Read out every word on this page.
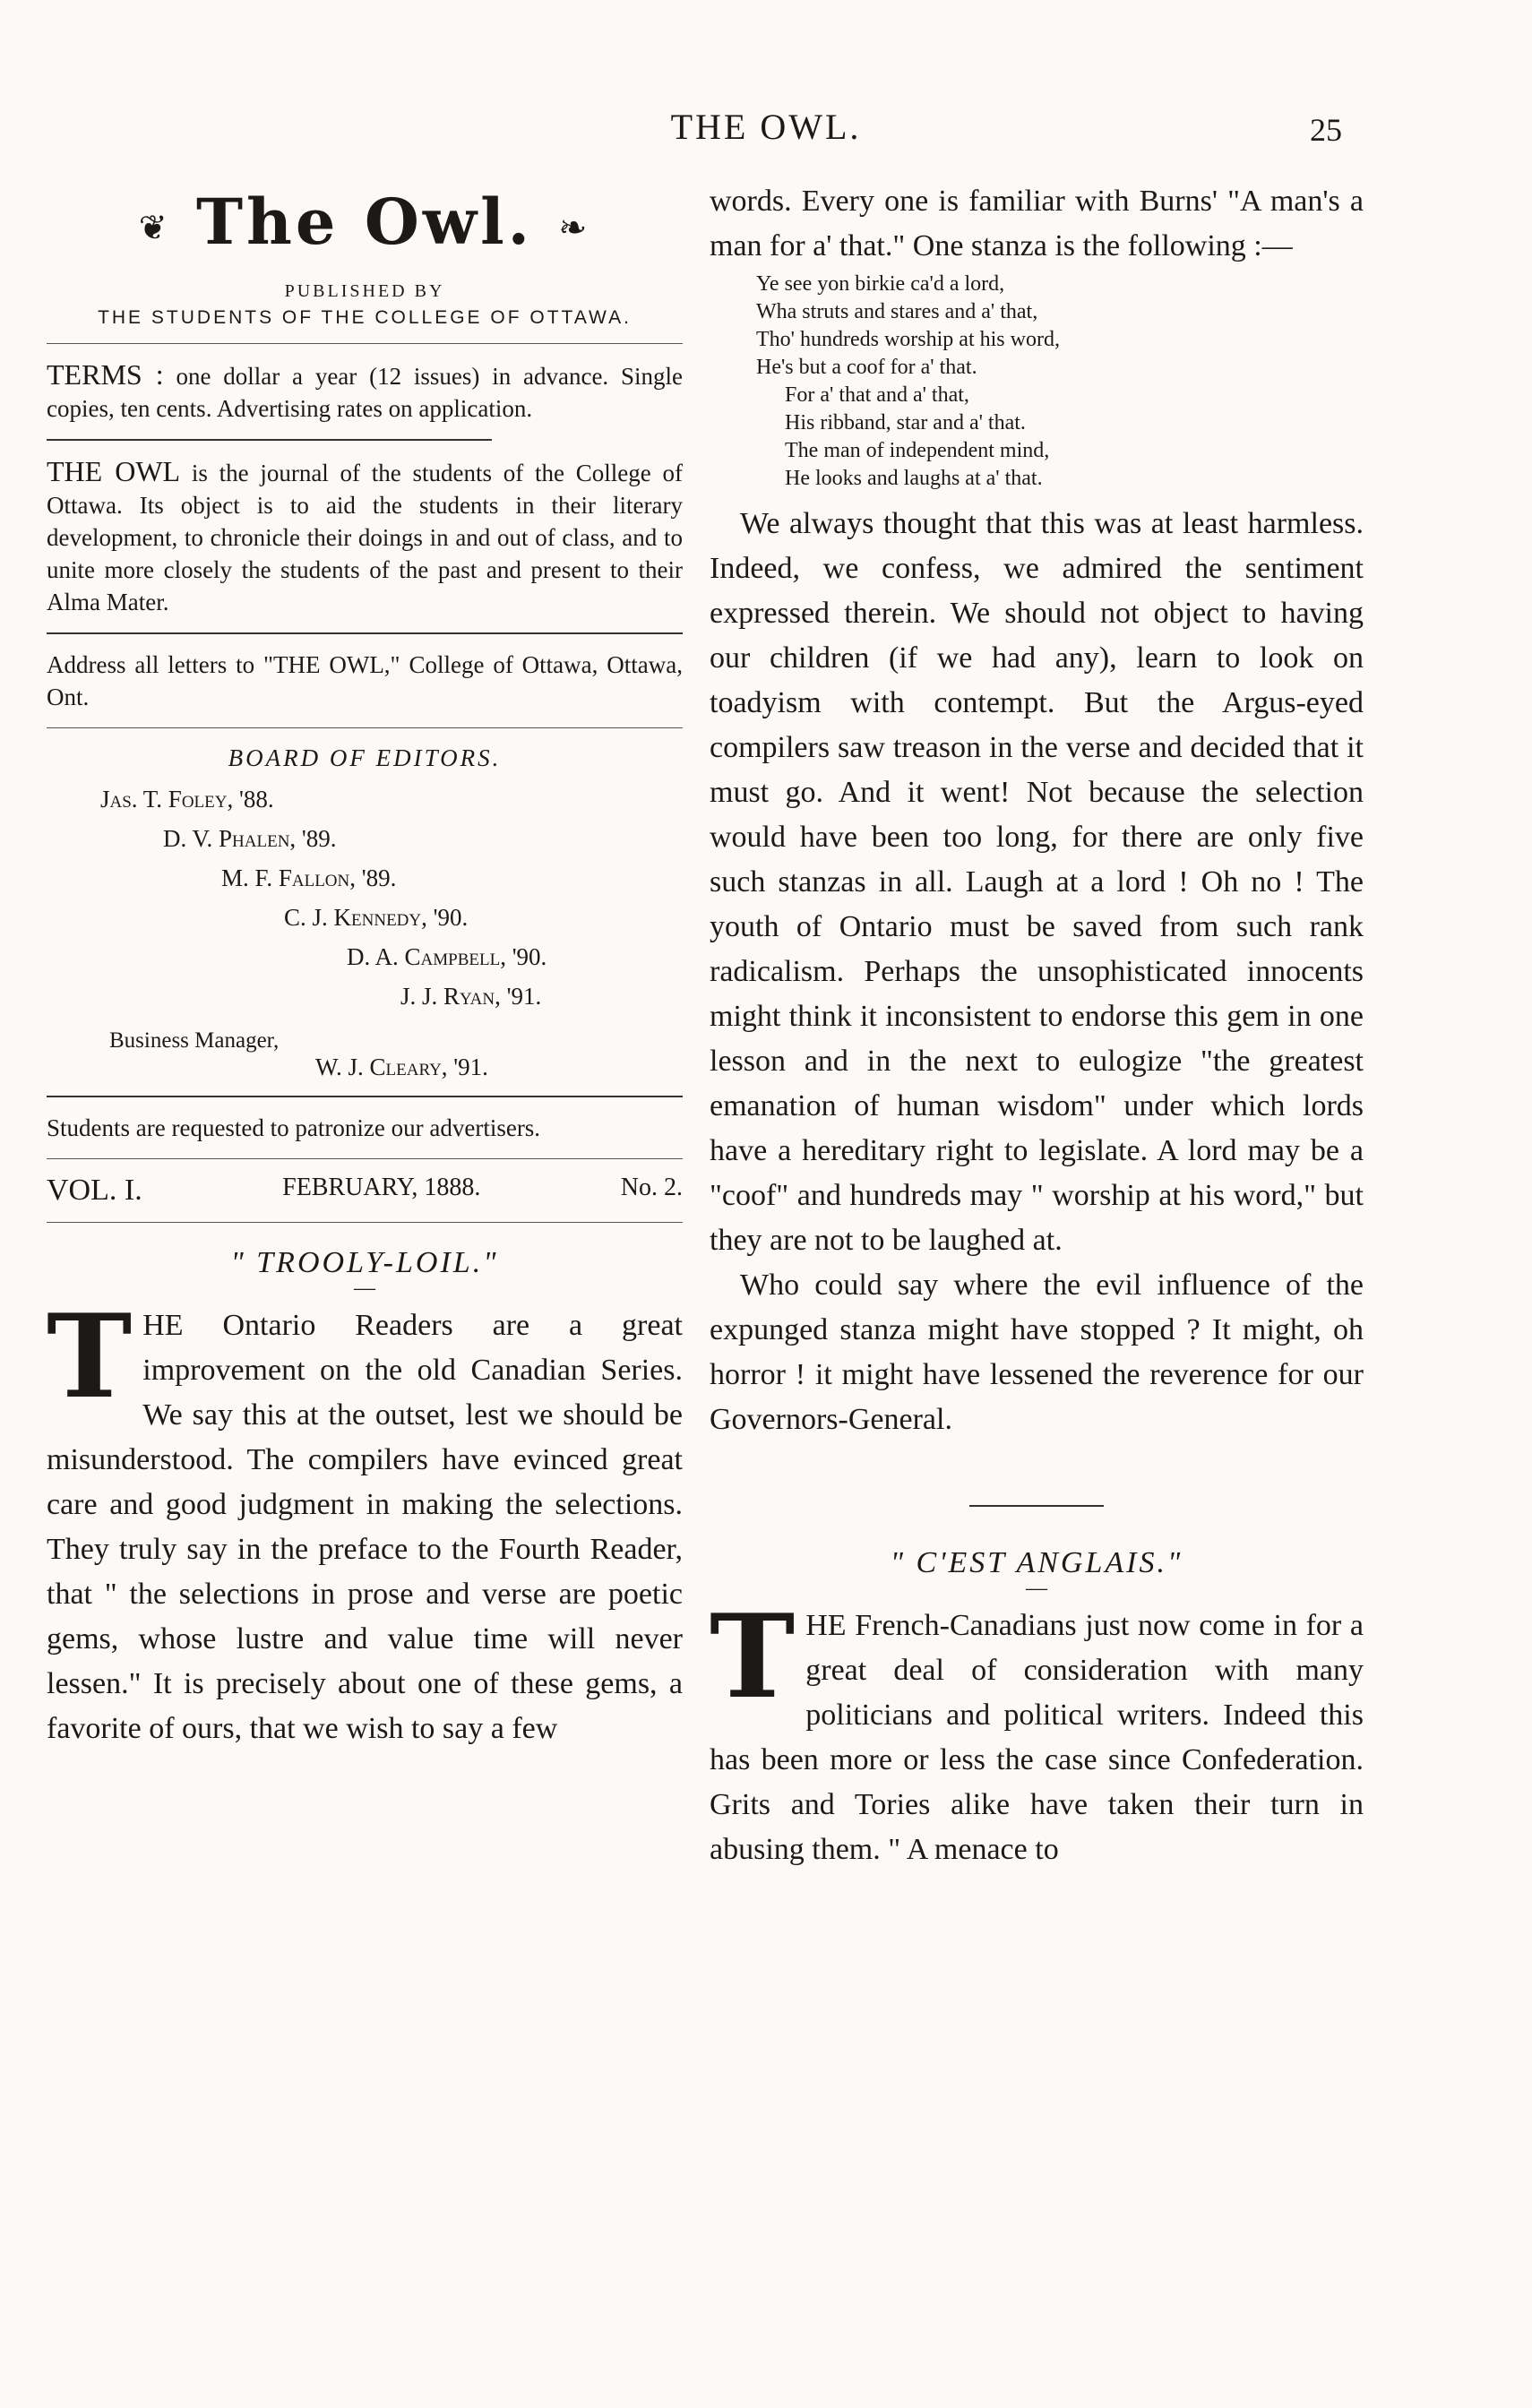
THE OWL.	25
❦ The Owl. ❧
PUBLISHED BY
THE STUDENTS OF THE COLLEGE OF OTTAWA.

TERMS : one dollar a year (12 issues) in advance. Single copies, ten cents. Advertising rates on application.

THE OWL is the journal of the students of the College of Ottawa. Its object is to aid the students in their literary development, to chronicle their doings in and out of class, and to unite more closely the students of the past and present to their Alma Mater.

Address all letters to "THE OWL," College of Ottawa, Ottawa, Ont.

BOARD OF EDITORS.
Jas. T. Foley, '88.
D. V. Phalen, '89.
M. F. Fallon, '89.
C. J. Kennedy, '90.
D. A. Campbell, '90.
J. J. Ryan, '91.
Business Manager,
W. J. Cleary, '91.

Students are requested to patronize our advertisers.

VOL. I.	FEBRUARY, 1888.	No. 2.
" TROOLY-LOIL."
—

THE Ontario Readers are a great improvement on the old Canadian Series. We say this at the outset, lest we should be misunderstood. The compilers have evinced great care and good judgment in making the selections. They truly say in the preface to the Fourth Reader, that " the selections in prose and verse are poetic gems, whose lustre and value time will never lessen." It is precisely about one of these gems, a favorite of ours, that we wish to say a few

words. Every one is familiar with Burns' "A man's a man for a' that." One stanza is the following :—

Ye see yon birkie ca'd a lord,
Wha struts and stares and a' that,
Tho' hundreds worship at his word,
He's but a coof for a' that.
For a' that and a' that,
His ribband, star and a' that.
The man of independent mind,
He looks and laughs at a' that.

We always thought that this was at least harmless. Indeed, we confess, we admired the sentiment expressed therein. We should not object to having our children (if we had any), learn to look on toadyism with contempt. But the Argus-eyed compilers saw treason in the verse and decided that it must go. And it went! Not because the selection would have been too long, for there are only five such stanzas in all. Laugh at a lord ! Oh no ! The youth of Ontario must be saved from such rank radicalism. Perhaps the unsophisticated innocents might think it inconsistent to endorse this gem in one lesson and in the next to eulogize "the greatest emanation of human wisdom" under which lords have a hereditary right to legislate. A lord may be a "coof" and hundreds may " worship at his word," but they are not to be laughed at.

Who could say where the evil influence of the expunged stanza might have stopped ? It might, oh horror ! it might have lessened the reverence for our Governors-General.

" C'EST ANGLAIS."
—

THE French-Canadians just now come in for a great deal of consideration with many politicians and political writers. Indeed this has been more or less the case since Confederation. Grits and Tories alike have taken their turn in abusing them. " A menace to
